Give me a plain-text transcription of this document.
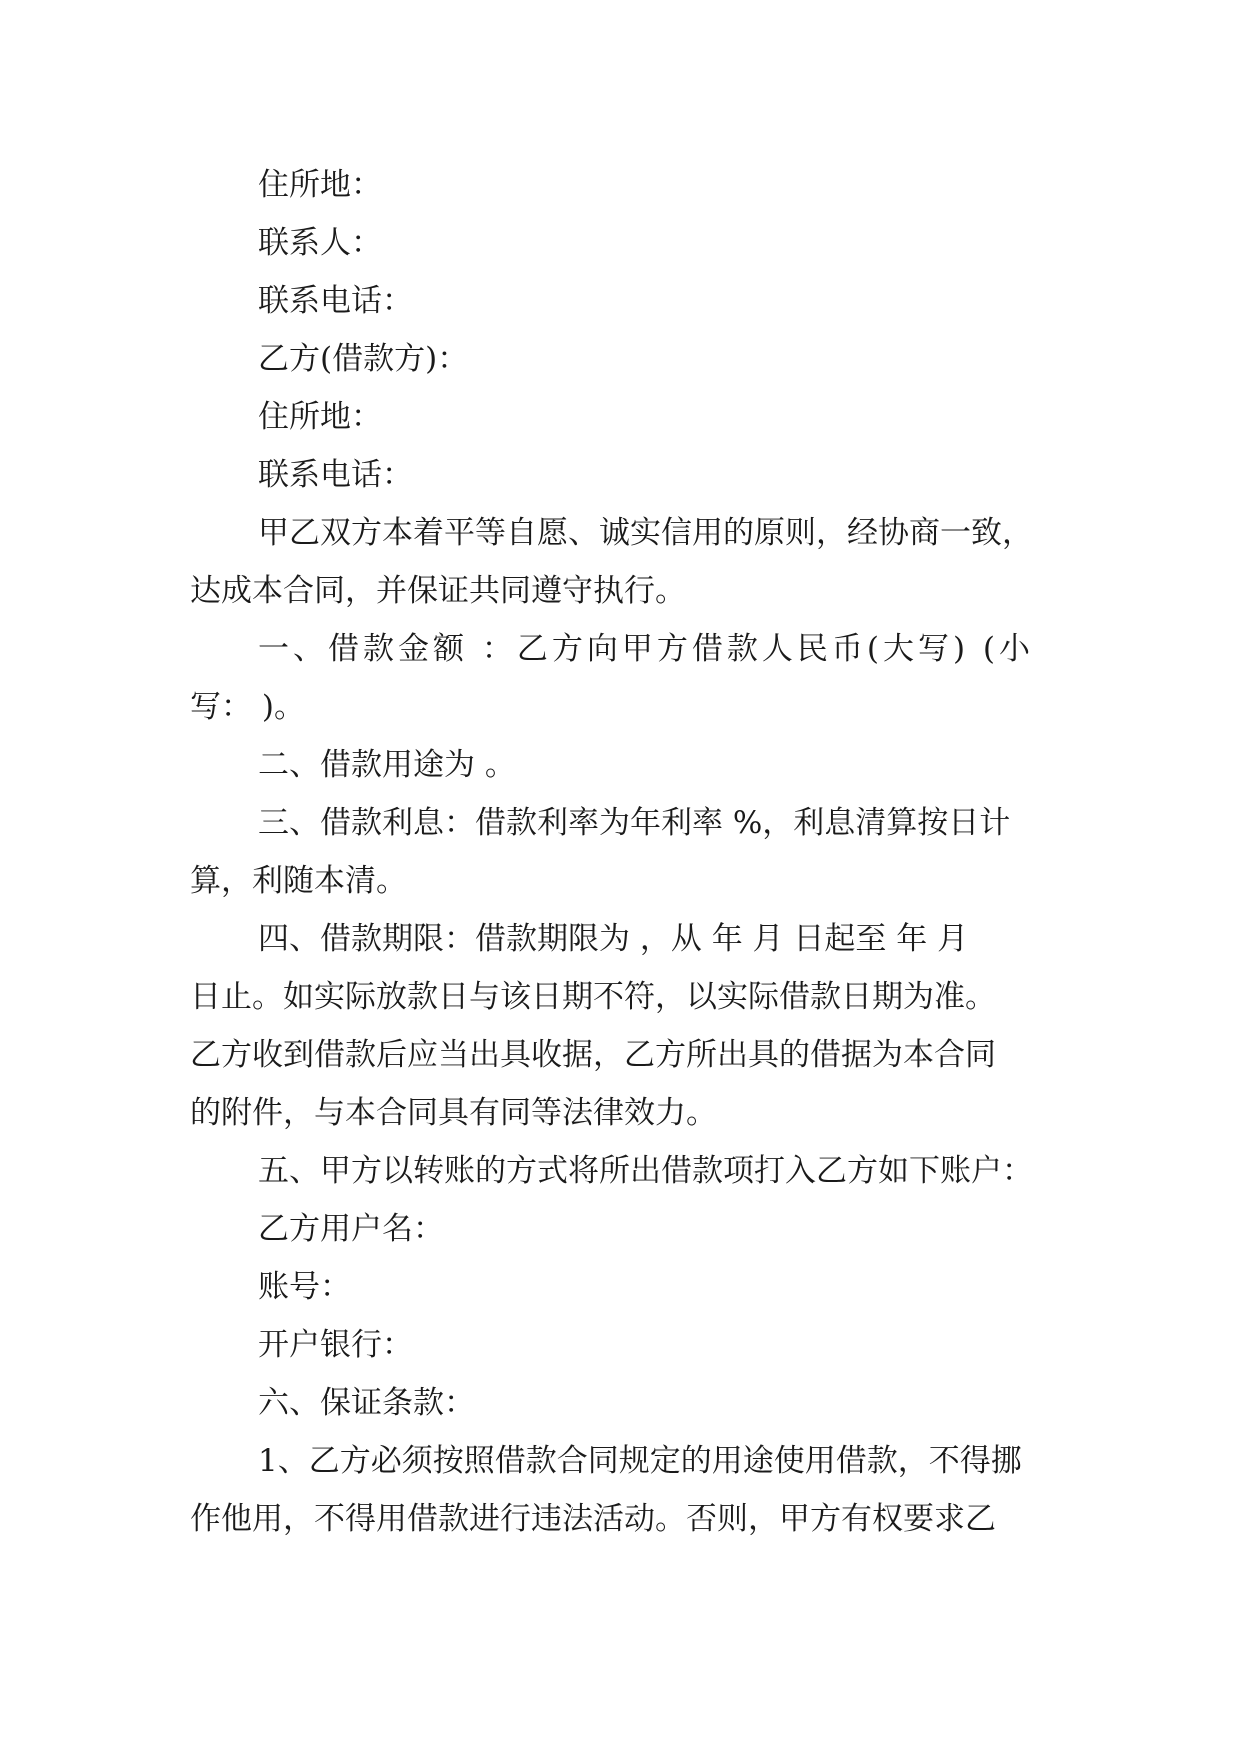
住所地：
联系人：
联系电话：
乙方(借款方)：
住所地：
联系电话：
甲乙双方本着平等自愿、诚实信用的原则，经协商一致，
达成本合同，并保证共同遵守执行。
一、借款金额 ：乙方向甲方借款人民币(大写) (小
写： )。
二、借款用途为 。
三、借款利息：借款利率为年利率 %，利息清算按日计
算，利随本清。
四、借款期限：借款期限为 ，从 年 月 日起至 年 月
日止。如实际放款日与该日期不符，以实际借款日期为准。
乙方收到借款后应当出具收据，乙方所出具的借据为本合同
的附件，与本合同具有同等法律效力。
五、甲方以转账的方式将所出借款项打入乙方如下账户：
乙方用户名：
账号：
开户银行：
六、保证条款：
1、乙方必须按照借款合同规定的用途使用借款，不得挪
作他用，不得用借款进行违法活动。否则，甲方有权要求乙
